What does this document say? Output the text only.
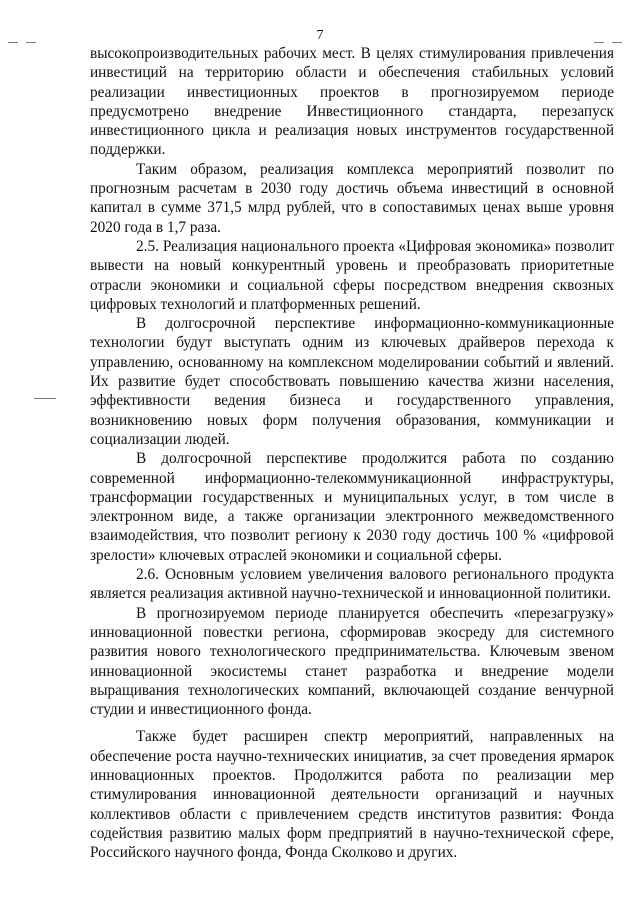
7

высокопроизводительных рабочих мест. В целях стимулирования привлечения инвестиций на территорию области и обеспечения стабильных условий реализации инвестиционных проектов в прогнозируемом периоде предусмотрено внедрение Инвестиционного стандарта, перезапуск инвестиционного цикла и реализация новых инструментов государственной поддержки.

Таким образом, реализация комплекса мероприятий позволит по прогнозным расчетам в 2030 году достичь объема инвестиций в основной капитал в сумме 371,5 млрд рублей, что в сопоставимых ценах выше уровня 2020 года в 1,7 раза.

2.5. Реализация национального проекта «Цифровая экономика» позволит вывести на новый конкурентный уровень и преобразовать приоритетные отрасли экономики и социальной сферы посредством внедрения сквозных цифровых технологий и платформенных решений.

В долгосрочной перспективе информационно-коммуникационные технологии будут выступать одним из ключевых драйверов перехода к управлению, основанному на комплексном моделировании событий и явлений. Их развитие будет способствовать повышению качества жизни населения, эффективности ведения бизнеса и государственного управления, возникновению новых форм получения образования, коммуникации и социализации людей.

В долгосрочной перспективе продолжится работа по созданию современной информационно-телекоммуникационной инфраструктуры, трансформации государственных и муниципальных услуг, в том числе в электронном виде, а также организации электронного межведомственного взаимодействия, что позволит региону к 2030 году достичь 100 % «цифровой зрелости» ключевых отраслей экономики и социальной сферы.

2.6. Основным условием увеличения валового регионального продукта является реализация активной научно-технической и инновационной политики.

В прогнозируемом периоде планируется обеспечить «перезагрузку» инновационной повестки региона, сформировав экосреду для системного развития нового технологического предпринимательства. Ключевым звеном инновационной экосистемы станет разработка и внедрение модели выращивания технологических компаний, включающей создание венчурной студии и инвестиционного фонда.

Также будет расширен спектр мероприятий, направленных на обеспечение роста научно-технических инициатив, за счет проведения ярмарок инновационных проектов. Продолжится работа по реализации мер стимулирования инновационной деятельности организаций и научных коллективов области с привлечением средств институтов развития: Фонда содействия развитию малых форм предприятий в научно-технической сфере, Российского научного фонда, Фонда Сколково и других.
